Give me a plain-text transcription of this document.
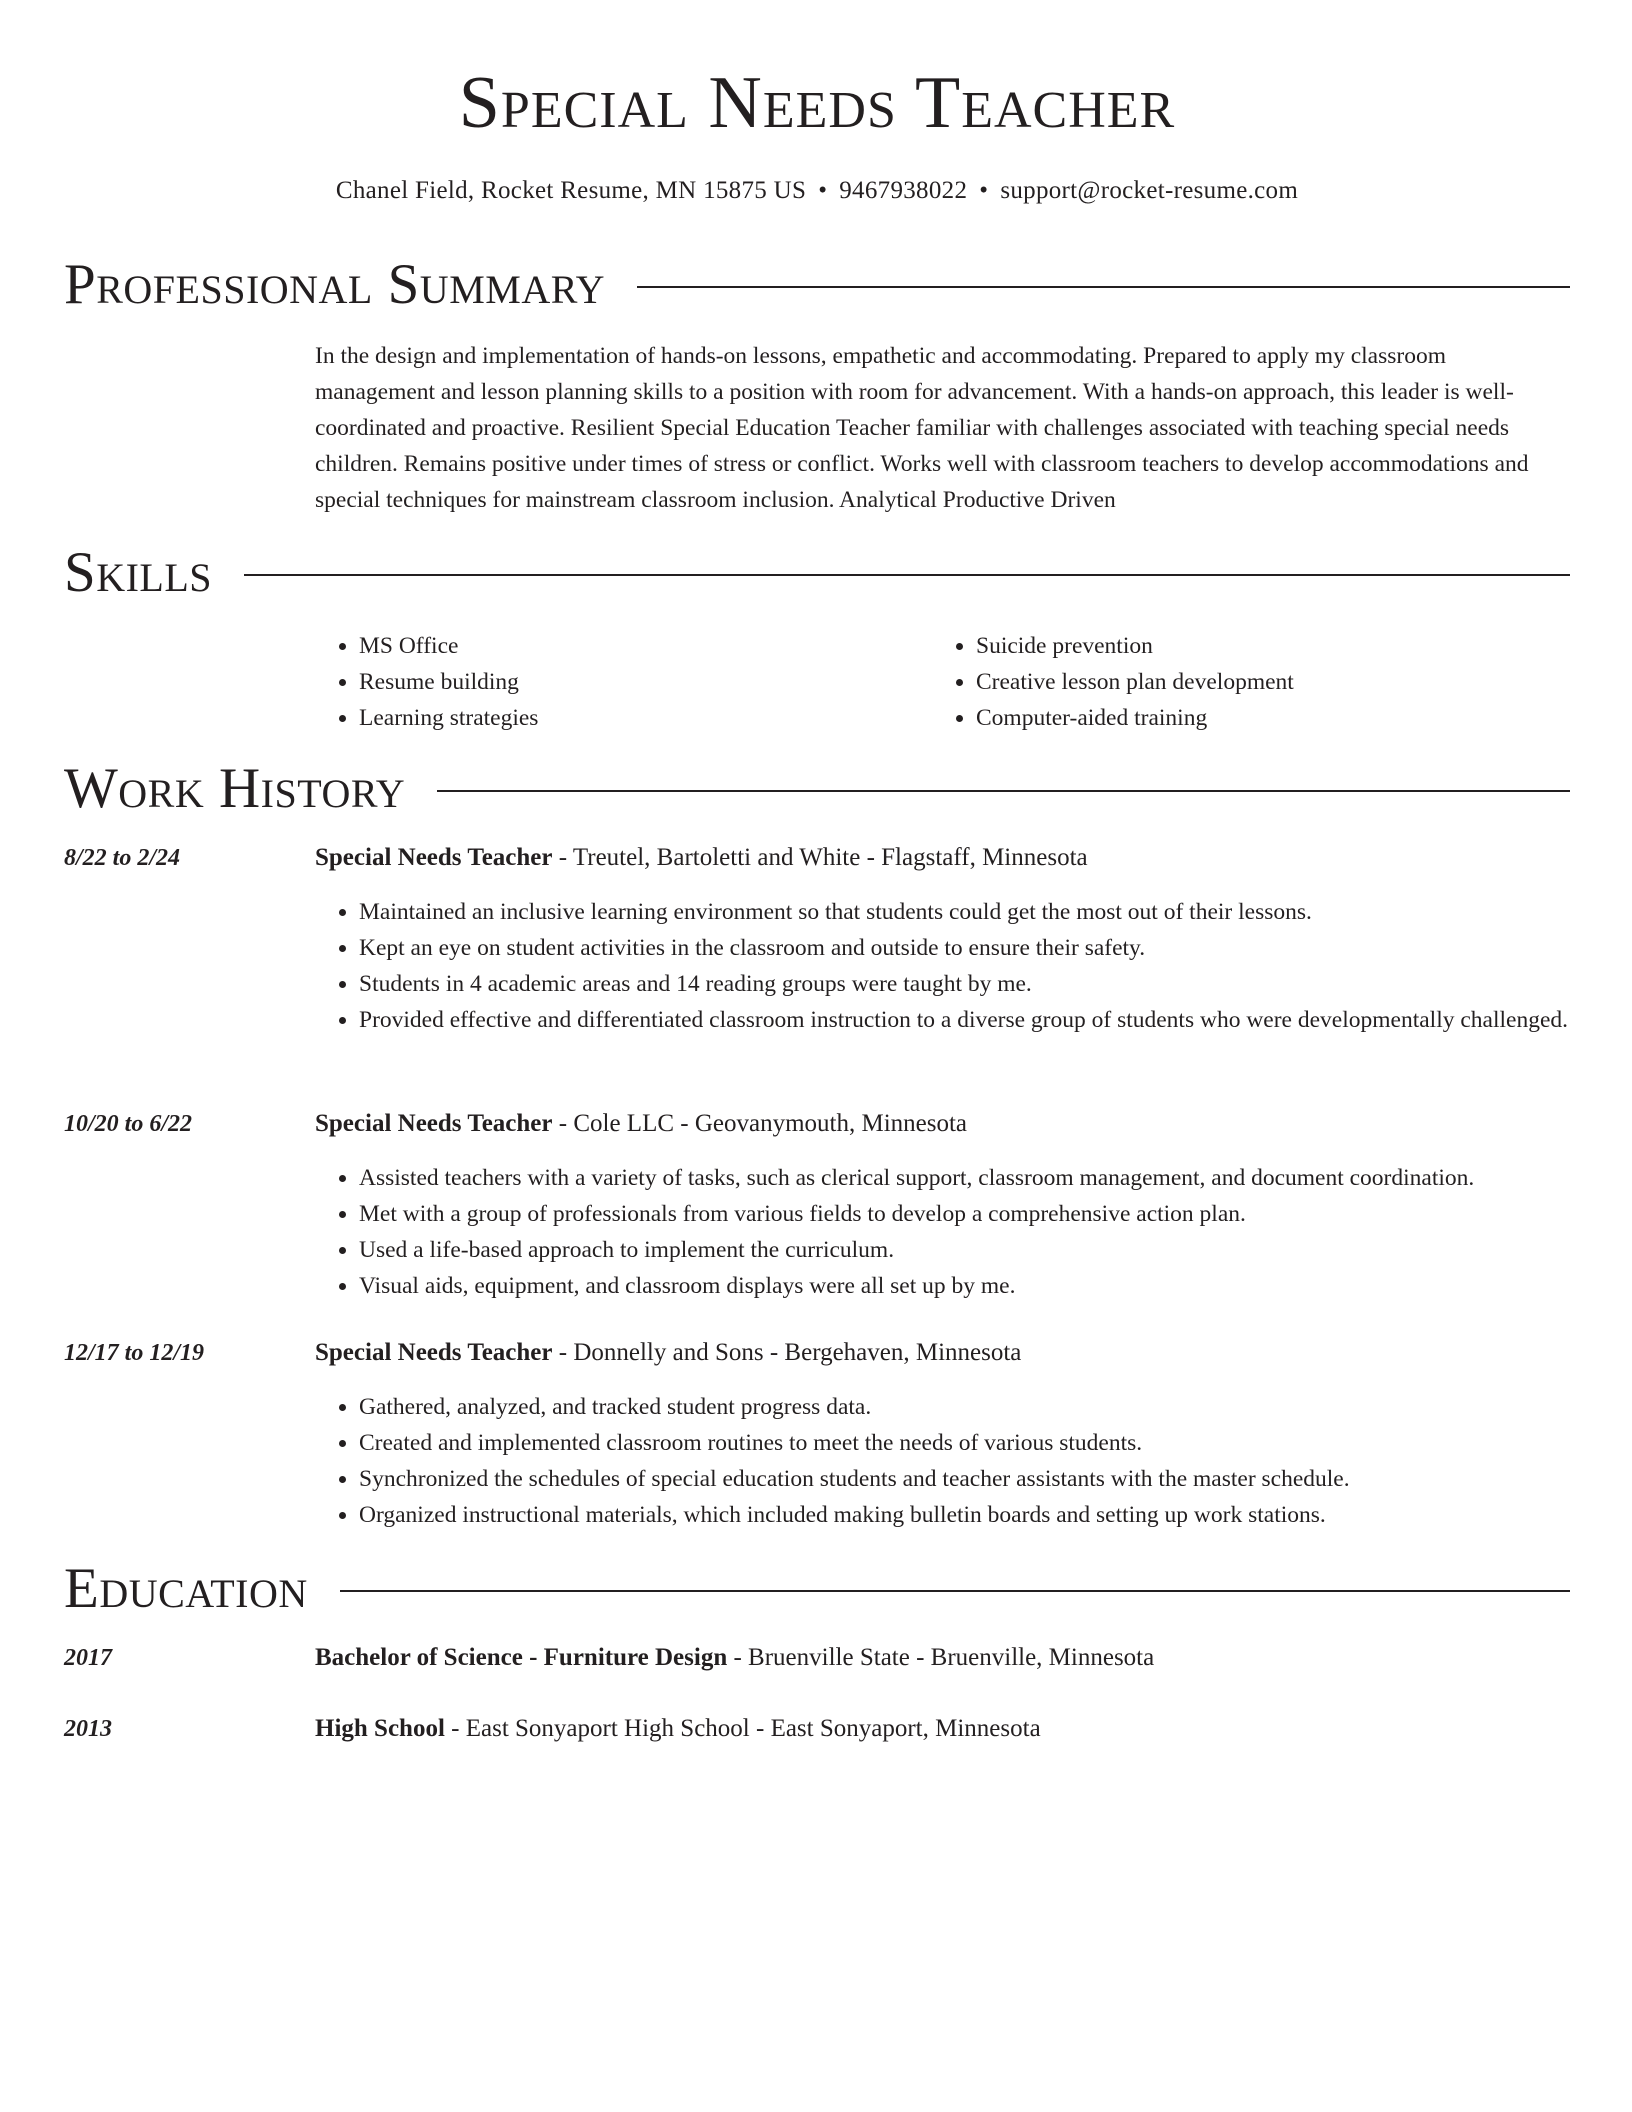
Special Needs Teacher
Chanel Field, Rocket Resume, MN 15875 US • 9467938022 • support@rocket-resume.com
Professional Summary

In the design and implementation of hands-on lessons, empathetic and accommodating. Prepared to apply my classroom management and lesson planning skills to a position with room for advancement. With a hands-on approach, this leader is well-coordinated and proactive. Resilient Special Education Teacher familiar with challenges associated with teaching special needs children. Remains positive under times of stress or conflict. Works well with classroom teachers to develop accommodations and special techniques for mainstream classroom inclusion. Analytical Productive Driven

Skills
• MS Office
• Resume building
• Learning strategies
• Suicide prevention
• Creative lesson plan development
• Computer-aided training
Work History
8/22 to 2/24	Special Needs Teacher - Treutel, Bartoletti and White - Flagstaff, Minnesota
• Maintained an inclusive learning environment so that students could get the most out of their lessons.
• Kept an eye on student activities in the classroom and outside to ensure their safety.
• Students in 4 academic areas and 14 reading groups were taught by me.
• Provided effective and differentiated classroom instruction to a diverse group of students who were developmentally challenged.
10/20 to 6/22	Special Needs Teacher - Cole LLC - Geovanymouth, Minnesota
• Assisted teachers with a variety of tasks, such as clerical support, classroom management, and document coordination.
• Met with a group of professionals from various fields to develop a comprehensive action plan.
• Used a life-based approach to implement the curriculum.
• Visual aids, equipment, and classroom displays were all set up by me.
12/17 to 12/19	Special Needs Teacher - Donnelly and Sons - Bergehaven, Minnesota
• Gathered, analyzed, and tracked student progress data.
• Created and implemented classroom routines to meet the needs of various students.
• Synchronized the schedules of special education students and teacher assistants with the master schedule.
• Organized instructional materials, which included making bulletin boards and setting up work stations.
Education
2017	Bachelor of Science - Furniture Design - Bruenville State - Bruenville, Minnesota
2013	High School - East Sonyaport High School - East Sonyaport, Minnesota
